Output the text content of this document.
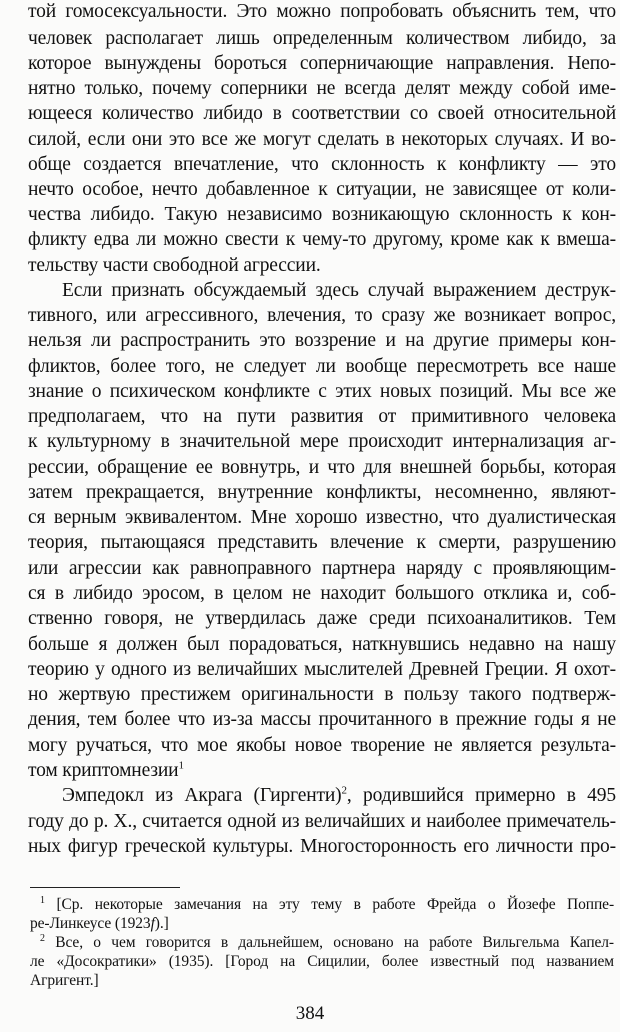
той гомосексуальности. Это можно попробовать объяснить тем, что
человек располагает лишь определенным количеством либидо, за
которое вынуждены бороться соперничающие направления. Непо-
нятно только, почему соперники не всегда делят между собой име-
ющееся количество либидо в соответствии со своей относительной
силой, если они это все же могут сделать в некоторых случаях. И во-
обще создается впечатление, что склонность к конфликту — это
нечто особое, нечто добавленное к ситуации, не зависящее от коли-
чества либидо. Такую независимо возникающую склонность к кон-
фликту едва ли можно свести к чему-то другому, кроме как к вмеша-
тельству части свободной агрессии.
Если признать обсуждаемый здесь случай выражением деструк-
тивного, или агрессивного, влечения, то сразу же возникает вопрос,
нельзя ли распространить это воззрение и на другие примеры кон-
фликтов, более того, не следует ли вообще пересмотреть все наше
знание о психическом конфликте с этих новых позиций. Мы все же
предполагаем, что на пути развития от примитивного человека
к культурному в значительной мере происходит интернализация аг-
рессии, обращение ее вовнутрь, и что для внешней борьбы, которая
затем прекращается, внутренние конфликты, несомненно, являют-
ся верным эквивалентом. Мне хорошо известно, что дуалистическая
теория, пытающаяся представить влечение к смерти, разрушению
или агрессии как равноправного партнера наряду с проявляющим-
ся в либидо эросом, в целом не находит большого отклика и, соб-
ственно говоря, не утвердилась даже среди психоаналитиков. Тем
больше я должен был порадоваться, наткнувшись недавно на нашу
теорию у одного из величайших мыслителей Древней Греции. Я охот-
но жертвую престижем оригинальности в пользу такого подтверж-
дения, тем более что из-за массы прочитанного в прежние годы я не
могу ручаться, что мое якобы новое творение не является результа-
том криптомнезии$^1$
Эмпедокл из Акрага (Гиргенти)$^2$, родившийся примерно в 495
году до р. Х., считается одной из величайших и наиболее примечатель-
ных фигур греческой культуры. Многосторонность его личности про-
$^1$ [Ср. некоторые замечания на эту тему в работе Фрейда о Йозефе Поппе-
ре-Линкеусе (1923f).]
$^2$ Все, о чем говорится в дальнейшем, основано на работе Вильгельма Капел-
ле «Досократики» (1935). [Город на Сицилии, более известный под названием
Агригент.]
384
